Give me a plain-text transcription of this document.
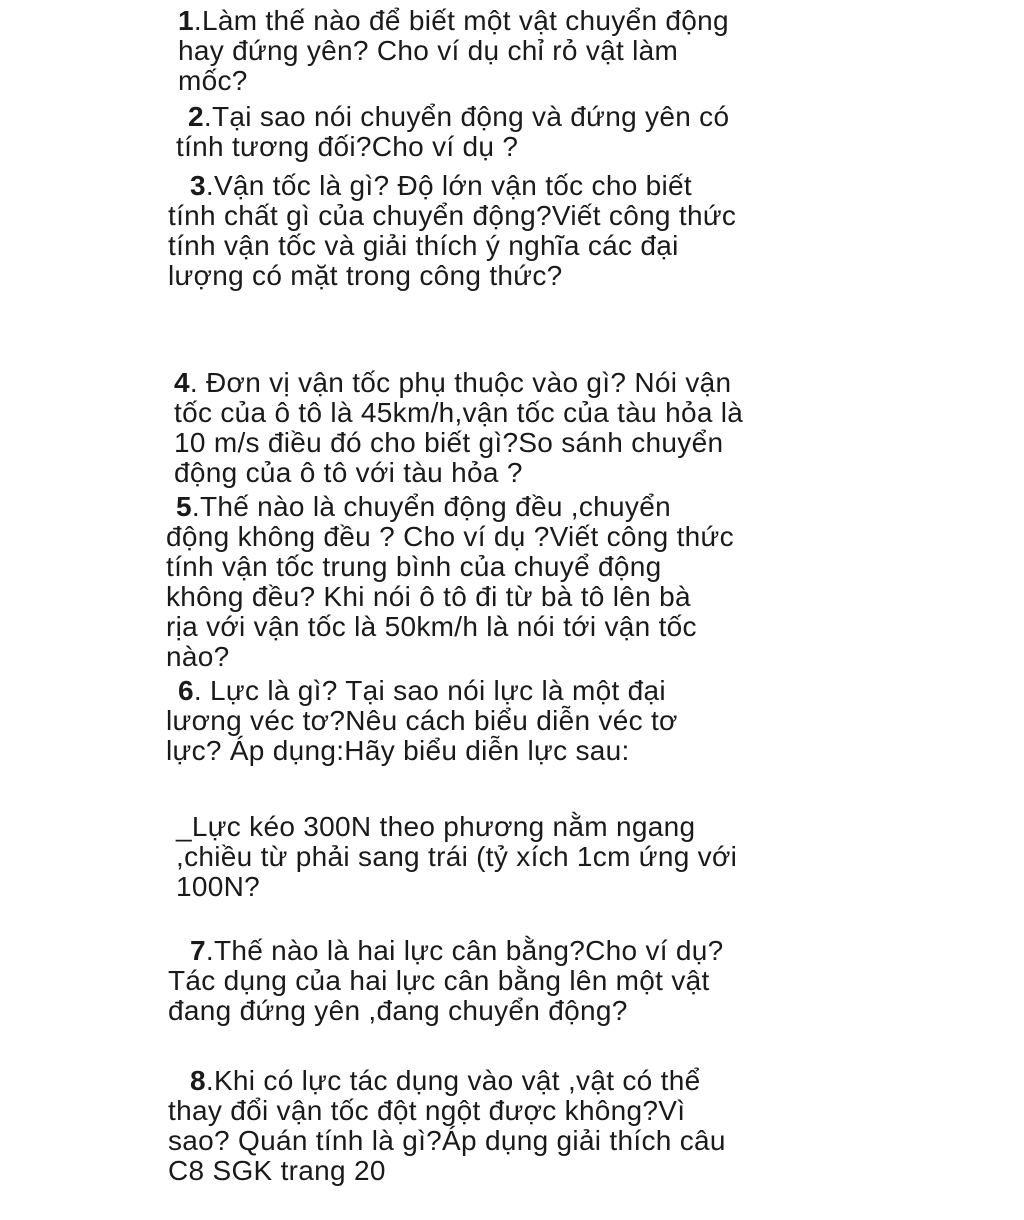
1.Làm thế nào để biết một vật chuyển động
hay đứng yên? Cho ví dụ chỉ rỏ vật làm
mốc?
2.Tại sao nói chuyển động và đứng yên có
tính tương đối?Cho ví dụ ?
3.Vận tốc là gì? Độ lớn vận tốc cho biết
tính chất gì của chuyển động?Viết công thức
tính vận tốc và giải thích ý nghĩa các đại
lượng có mặt trong công thức?
4. Đơn vị vận tốc phụ thuộc vào gì? Nói vận
tốc của ô tô là 45km/h,vận tốc của tàu hỏa là
10 m/s điều đó cho biết gì?So sánh chuyển
động của ô tô với tàu hỏa ?
5.Thế nào là chuyển động đều ,chuyển
động không đều ? Cho ví dụ ?Viết công thức
tính vận tốc trung bình của chuyể động
không đều? Khi nói ô tô đi từ bà tô lên bà
rịa với vận tốc là 50km/h là nói tới vận tốc
nào?
6. Lực là gì? Tại sao nói lực là một đại
lương véc tơ?Nêu cách biểu diễn véc tơ
lực? Áp dụng:Hãy biểu diễn lực sau:
_Lực kéo 300N theo phương nằm ngang
,chiều từ phải sang trái (tỷ xích 1cm ứng với
100N?
7.Thế nào là hai lực cân bằng?Cho ví dụ?
Tác dụng của hai lực cân bằng lên một vật
đang đứng yên ,đang chuyển động?
8.Khi có lực tác dụng vào vật ,vật có thể
thay đổi vận tốc đột ngột được không?Vì
sao? Quán tính là gì?Áp dụng giải thích câu
C8 SGK trang 20
